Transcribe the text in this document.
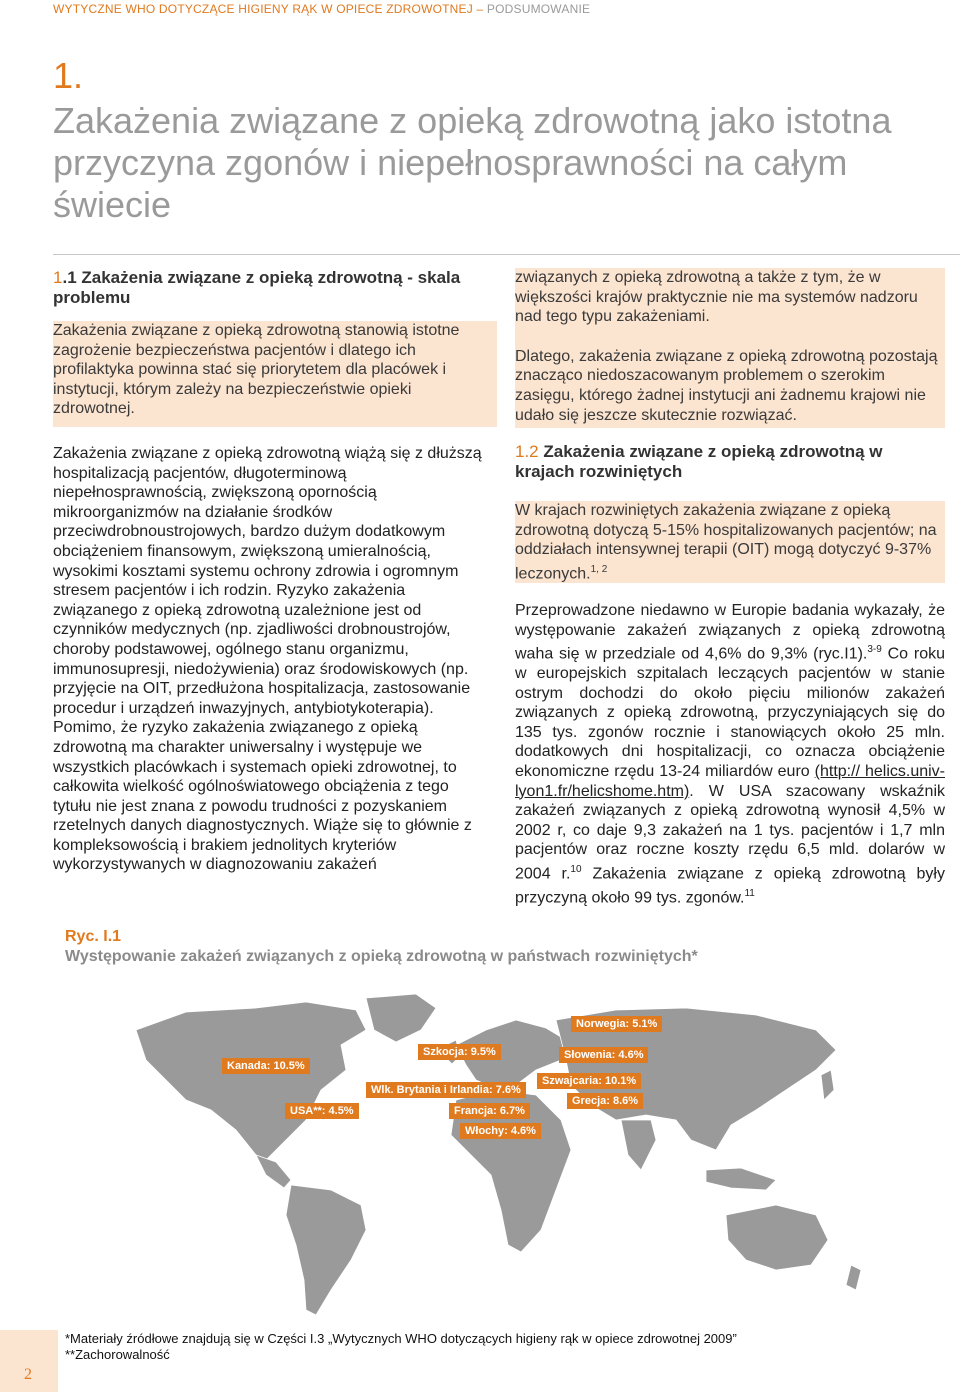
WYTYCZNE WHO DOTYCZĄCE HIGIENY RĄK W OPIECE ZDROWOTNEJ – PODSUMOWANIE
1.
Zakażenia związane z opieką zdrowotną jako istotna przyczyna zgonów i niepełnosprawności na całym świecie
1.1 Zakażenia związane z opieką zdrowotną - skala problemu

Zakażenia związane z opieką zdrowotną stanowią istotne zagrożenie bezpieczeństwa pacjentów i dlatego ich profilaktyka powinna stać się priorytetem dla placówek i instytucji, którym zależy na bezpieczeństwie opieki zdrowotnej.

Zakażenia związane z opieką zdrowotną wiążą się z dłuższą hospitalizacją pacjentów, długoterminową niepełnosprawnością, zwiększoną opornością mikroorganizmów na działanie środków przeciwdrobnoustrojowych, bardzo dużym dodatkowym obciążeniem finansowym, zwiększoną umieralnością, wysokimi kosztami systemu ochrony zdrowia i ogromnym stresem pacjentów i ich rodzin. Ryzyko zakażenia związanego z opieką zdrowotną uzależnione jest od czynników medycznych (np. zjadliwości drobnoustrojów, choroby podstawowej, ogólnego stanu organizmu, immunosupresji, niedożywienia) oraz środowiskowych (np. przyjęcie na OIT, przedłużona hospitalizacja, zastosowanie procedur i urządzeń inwazyjnych, antybiotykoterapia). Pomimo, że ryzyko zakażenia związanego z opieką zdrowotną ma charakter uniwersalny i występuje we wszystkich placówkach i systemach opieki zdrowotnej, to całkowita wielkość ogólnoświatowego obciążenia z tego tytułu nie jest znana z powodu trudności z pozyskaniem rzetelnych danych diagnostycznych. Wiąże się to głównie z kompleksowością i brakiem jednolitych kryteriów wykorzystywanych w diagnozowaniu zakażeń

związanych z opieką zdrowotną a także z tym, że w większości krajów praktycznie nie ma systemów nadzoru nad tego typu zakażeniami.

Dlatego, zakażenia związane z opieką zdrowotną pozostają znacząco niedoszacowanym problemem o szerokim zasięgu, którego żadnej instytucji ani żadnemu krajowi nie udało się jeszcze skutecznie rozwiązać.

1.2 Zakażenia związane z opieką zdrowotną w krajach rozwiniętych

W krajach rozwiniętych zakażenia związane z opieką zdrowotną dotyczą 5-15% hospitalizowanych pacjentów; na oddziałach intensywnej terapii (OIT) mogą dotyczyć 9-37% leczonych.$^{1, 2}$

Przeprowadzone niedawno w Europie badania wykazały, że występowanie zakażeń związanych z opieką zdrowotną waha się w przedziale od 4,6% do 9,3% (ryc.I1).$^{3-9}$ Co roku w europejskich szpitalach leczących pacjentów w stanie ostrym dochodzi do około pięciu milionów zakażeń związanych z opieką zdrowotną, przyczyniających się do 135 tys. zgonów rocznie i stanowiących około 25 mln. dodatkowych dni hospitalizacji, co oznacza obciążenie ekonomiczne rzędu 13-24 miliardów euro (http:// helics.univ-lyon1.fr/helicshome.htm). W USA szacowany wskaźnik zakażeń związanych z opieką zdrowotną wynosił 4,5% w 2002 r, co daje 9,3 zakażeń na 1 tys. pacjentów i 1,7 mln pacjentów oraz roczne koszty rzędu 6,5 mld. dolarów w 2004 r.$^{10}$ Zakażenia związane z opieką zdrowotną były przyczyną około 99 tys. zgonów.$^{11}$

Ryc. I.1
Występowanie zakażeń związanych z opieką zdrowotną w państwach rozwiniętych*
Norwegia: 5.1%
Szkocja: 9.5%	Słowenia: 4.6%
Kanada: 10.5%
Wlk. Brytania i Irlandia: 7.6%
Szwajcaria: 10.1%
Grecja: 8.6%
USA**: 4.5%	Francja: 6.7%
Włochy: 4.6%
*Materiały źródłowe znajdują się w Części I.3 „Wytycznych WHO dotyczących higieny rąk w opiece zdrowotnej 2009”
**Zachorowalność
2
